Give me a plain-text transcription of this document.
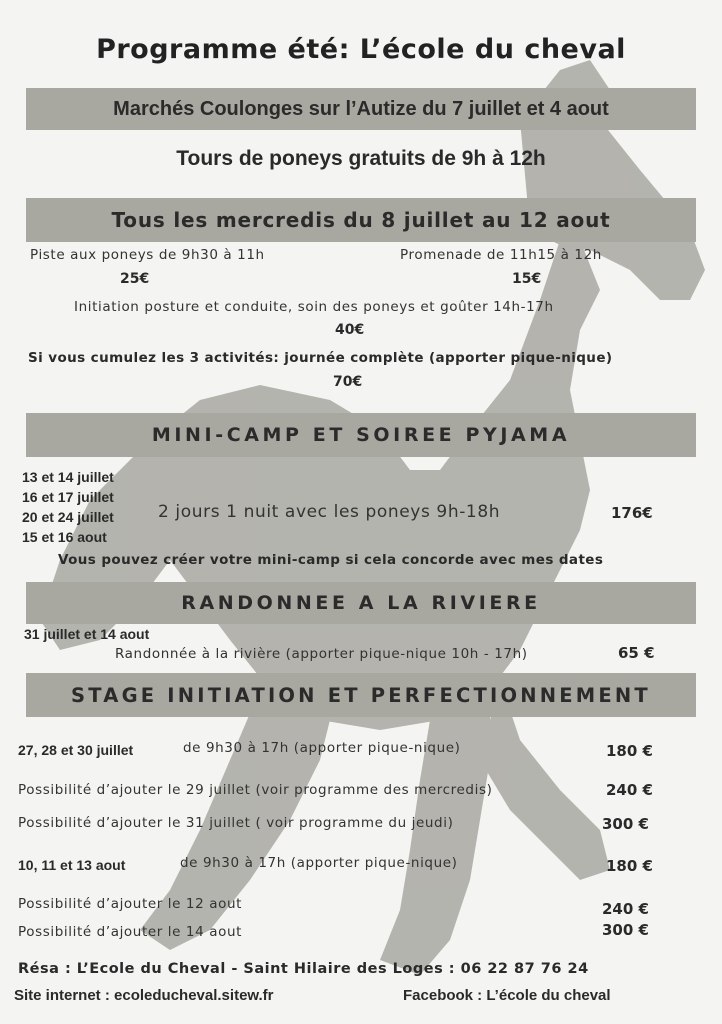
Programme été: L’école du cheval
Marchés Coulonges sur l’Autize du 7 juillet et 4 aout
Tours de poneys gratuits de 9h à 12h
Tous les mercredis du 8 juillet au 12 aout
Piste aux poneys de 9h30 à 11h
25€
Promenade de 11h15 à 12h
15€
Initiation posture et conduite, soin des poneys et goûter 14h-17h
40€
Si vous cumulez les 3 activités: journée complète (apporter pique-nique)
70€
MINI-CAMP ET SOIREE PYJAMA
13 et 14 juillet
16 et 17 juillet
20 et 24 juillet
15 et 16 aout
2 jours 1 nuit avec les poneys 9h-18h	176€
Vous pouvez créer votre mini-camp si cela concorde avec mes dates
RANDONNEE A LA RIVIERE
31 juillet et 14 aout
Randonnée à la rivière (apporter pique-nique 10h - 17h)	65 €
STAGE INITIATION ET PERFECTIONNEMENT
27, 28 et 30 juillet	de 9h30 à 17h (apporter pique-nique)	180 €
Possibilité d’ajouter le 29 juillet (voir programme des mercredis)	240 €
Possibilité d’ajouter le 31 juillet ( voir programme du jeudi)	300 €
10, 11 et 13 aout	de 9h30 à 17h (apporter pique-nique)	180 €
Possibilité d’ajouter le 12 aout	240 €
Possibilité d’ajouter le 14 aout	300 €
Résa : L’Ecole du Cheval - Saint Hilaire des Loges : 06 22 87 76 24
Site internet : ecoleducheval.sitew.fr	Facebook : L’école du cheval
